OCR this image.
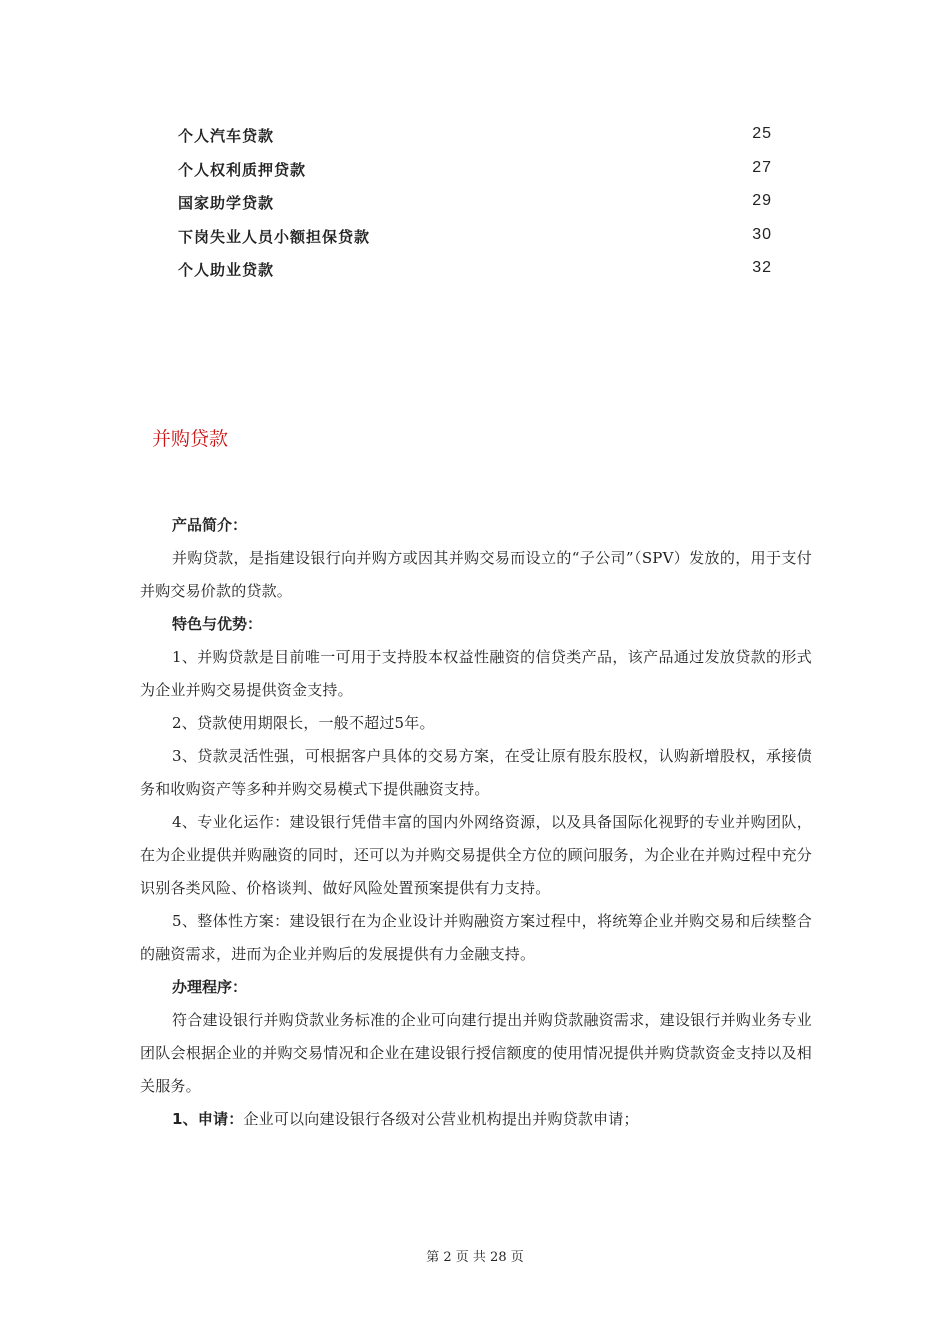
个人汽车贷款	25
个人权利质押贷款	27
国家助学贷款	29
下岗失业人员小额担保贷款	30
个人助业贷款	32
并购贷款

产品简介：

并购贷款，是指建设银行向并购方或因其并购交易而设立的“子公司”（SPV）发放的，用于支付并购交易价款的贷款。

特色与优势：

1、并购贷款是目前唯一可用于支持股本权益性融资的信贷类产品，该产品通过发放贷款的形式为企业并购交易提供资金支持。

2、贷款使用期限长，一般不超过5年。

3、贷款灵活性强，可根据客户具体的交易方案，在受让原有股东股权，认购新增股权，承接债务和收购资产等多种并购交易模式下提供融资支持。

4、专业化运作：建设银行凭借丰富的国内外网络资源，以及具备国际化视野的专业并购团队，在为企业提供并购融资的同时，还可以为并购交易提供全方位的顾问服务，为企业在并购过程中充分识别各类风险、价格谈判、做好风险处置预案提供有力支持。

5、整体性方案：建设银行在为企业设计并购融资方案过程中，将统筹企业并购交易和后续整合的融资需求，进而为企业并购后的发展提供有力金融支持。

办理程序：

符合建设银行并购贷款业务标准的企业可向建行提出并购贷款融资需求，建设银行并购业务专业团队会根据企业的并购交易情况和企业在建设银行授信额度的使用情况提供并购贷款资金支持以及相关服务。

1、申请：企业可以向建设银行各级对公营业机构提出并购贷款申请；

第 2 页 共 28 页
